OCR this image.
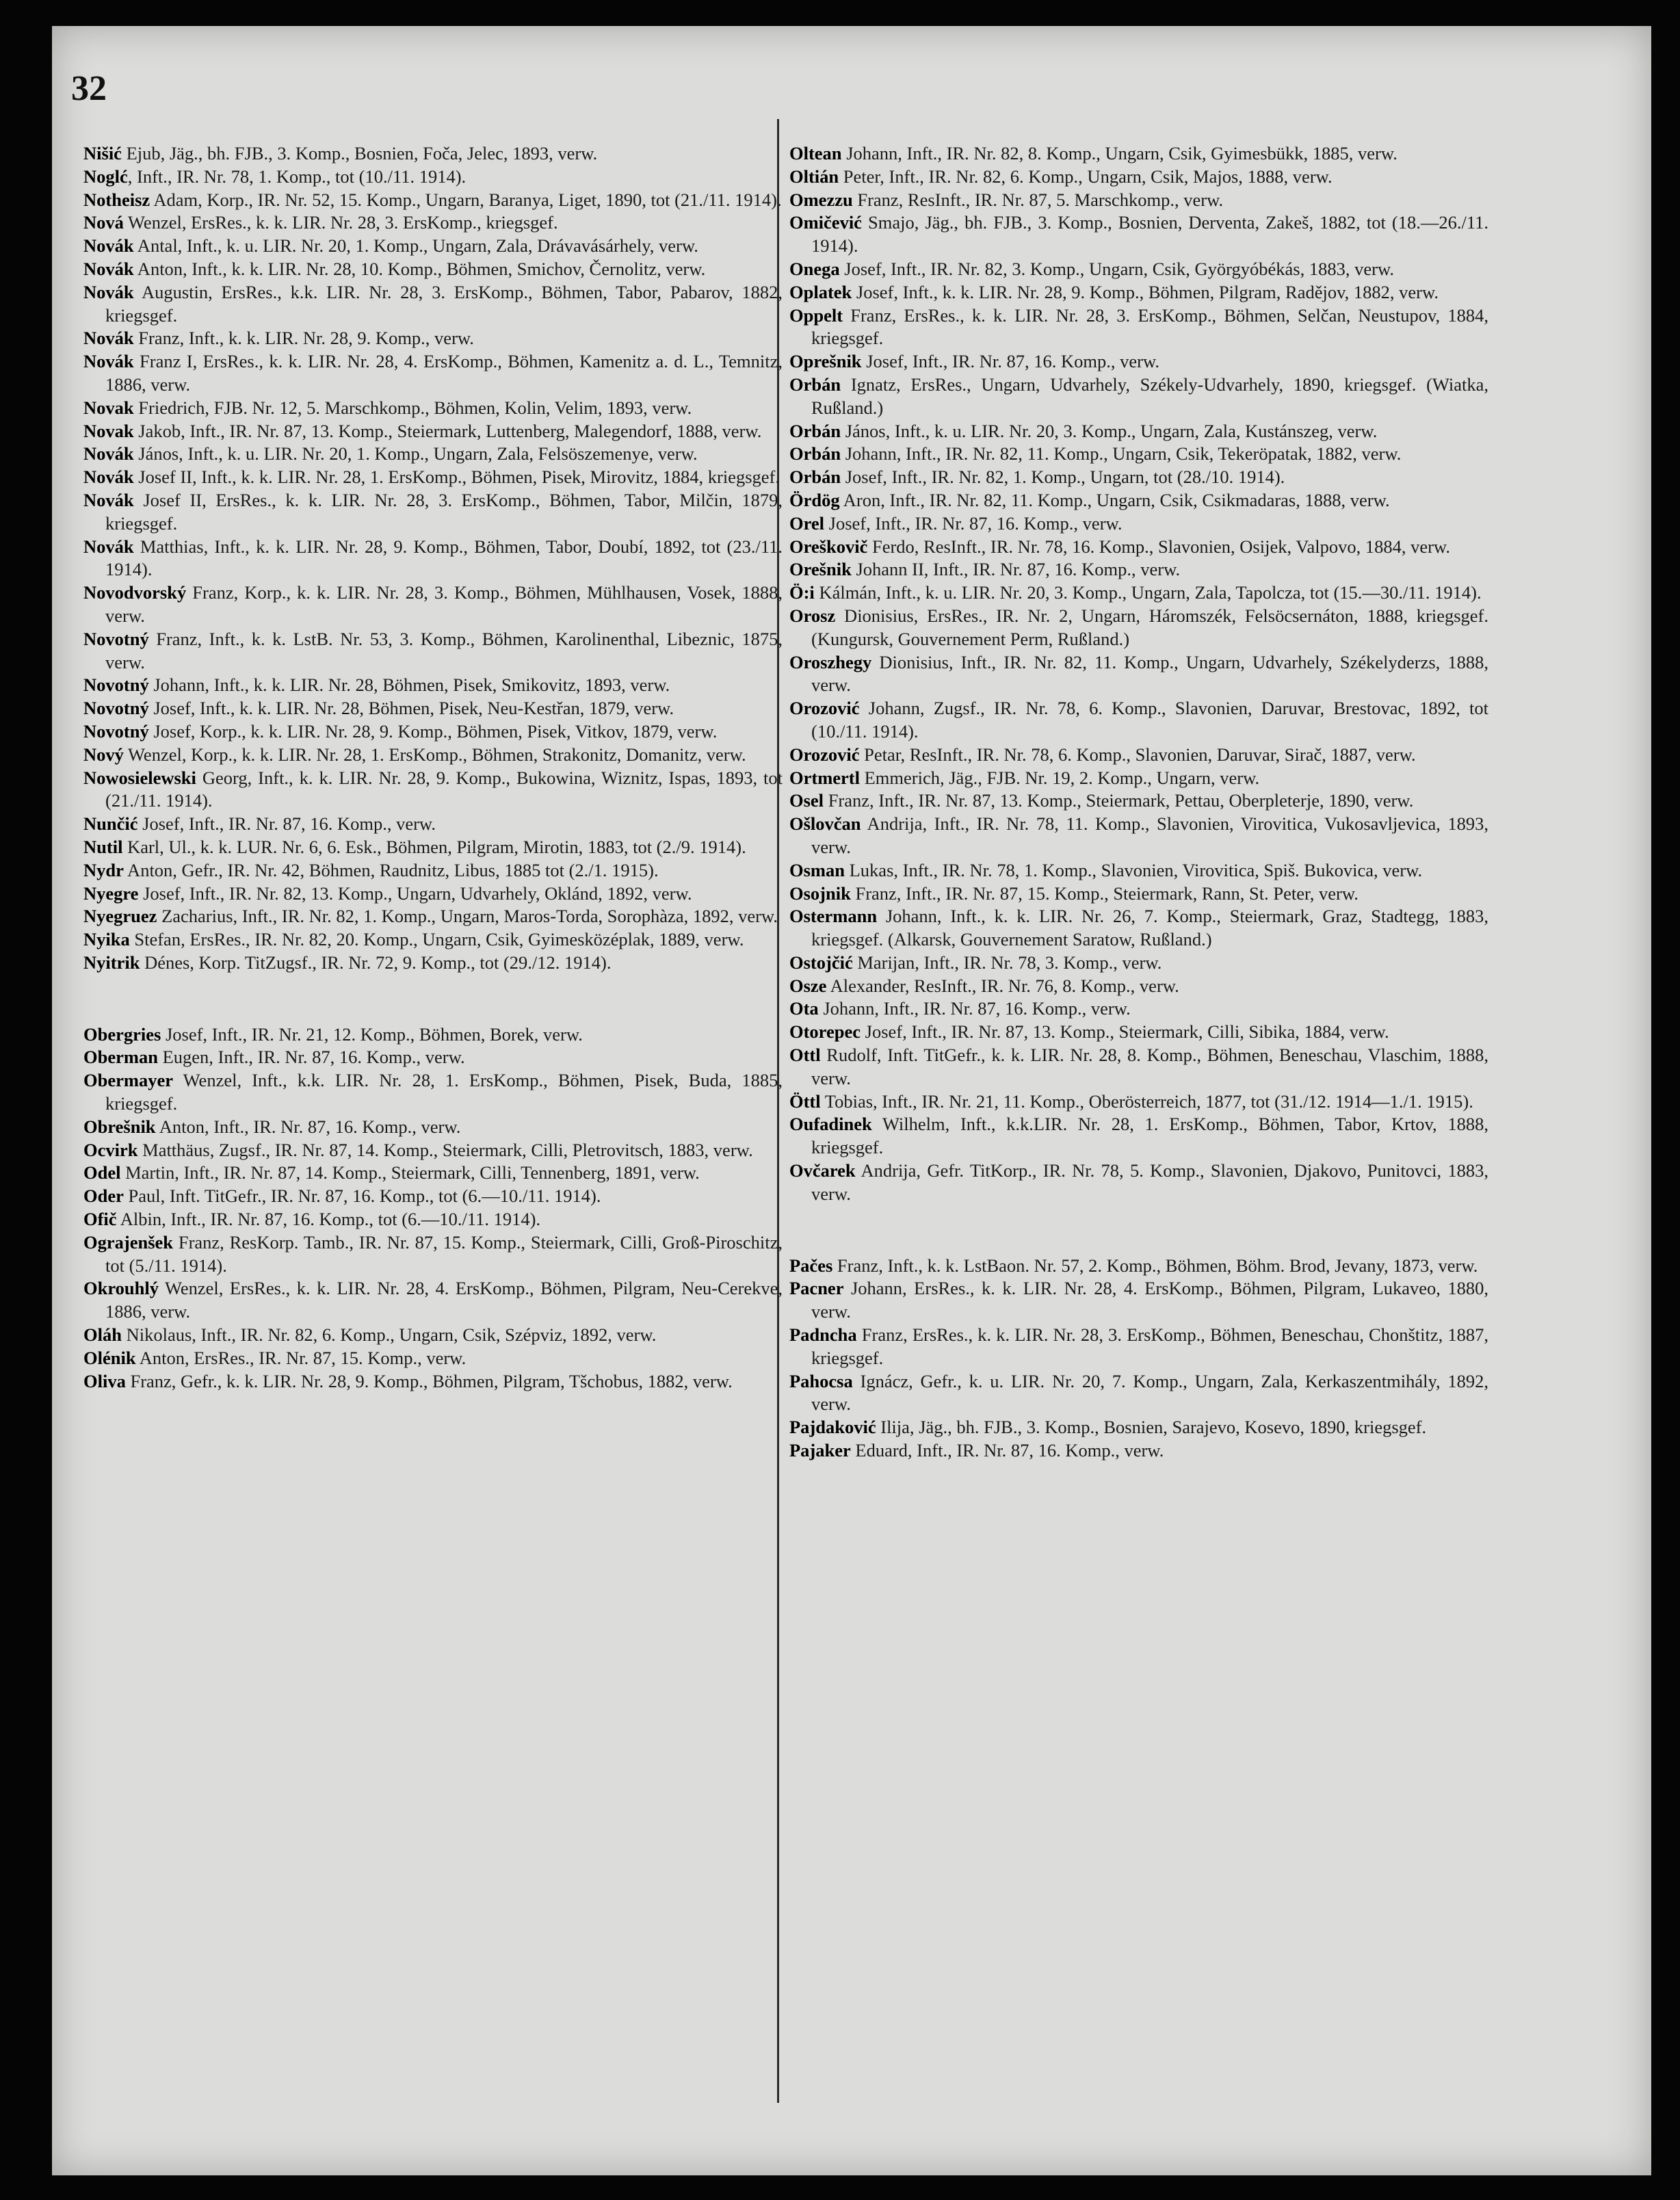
32

Nišić Ejub, Jäg., bh. FJB., 3. Komp., Bosnien, Foča, Jelec, 1893, verw.

Noglć, Inft., IR. Nr. 78, 1. Komp., tot (10./11. 1914).

Notheisz Adam, Korp., IR. Nr. 52, 15. Komp., Ungarn, Baranya, Liget, 1890, tot (21./11. 1914).

Nová Wenzel, ErsRes., k. k. LIR. Nr. 28, 3. ErsKomp., kriegsgef.

Novák Antal, Inft., k. u. LIR. Nr. 20, 1. Komp., Ungarn, Zala, Drávavásárhely, verw.

Novák Anton, Inft., k. k. LIR. Nr. 28, 10. Komp., Böhmen, Smichov, Černolitz, verw.

Novák Augustin, ErsRes., k.k. LIR. Nr. 28, 3. ErsKomp., Böhmen, Tabor, Pabarov, 1882, kriegsgef.

Novák Franz, Inft., k. k. LIR. Nr. 28, 9. Komp., verw.

Novák Franz I, ErsRes., k. k. LIR. Nr. 28, 4. ErsKomp., Böhmen, Kamenitz a. d. L., Temnitz, 1886, verw.

Novak Friedrich, FJB. Nr. 12, 5. Marschkomp., Böhmen, Kolin, Velim, 1893, verw.

Novak Jakob, Inft., IR. Nr. 87, 13. Komp., Steiermark, Luttenberg, Malegendorf, 1888, verw.

Novák János, Inft., k. u. LIR. Nr. 20, 1. Komp., Ungarn, Zala, Felsöszemenye, verw.

Novák Josef II, Inft., k. k. LIR. Nr. 28, 1. ErsKomp., Böhmen, Pisek, Mirovitz, 1884, kriegsgef.

Novák Josef II, ErsRes., k. k. LIR. Nr. 28, 3. ErsKomp., Böhmen, Tabor, Milčin, 1879, kriegsgef.

Novák Matthias, Inft., k. k. LIR. Nr. 28, 9. Komp., Böhmen, Tabor, Doubí, 1892, tot (23./11. 1914).

Novodvorský Franz, Korp., k. k. LIR. Nr. 28, 3. Komp., Böhmen, Mühlhausen, Vosek, 1888, verw.

Novotný Franz, Inft., k. k. LstB. Nr. 53, 3. Komp., Böhmen, Karolinenthal, Libeznic, 1875, verw.

Novotný Johann, Inft., k. k. LIR. Nr. 28, Böhmen, Pisek, Smikovitz, 1893, verw.

Novotný Josef, Inft., k. k. LIR. Nr. 28, Böhmen, Pisek, Neu-Kestřan, 1879, verw.

Novotný Josef, Korp., k. k. LIR. Nr. 28, 9. Komp., Böhmen, Pisek, Vitkov, 1879, verw.

Nový Wenzel, Korp., k. k. LIR. Nr. 28, 1. ErsKomp., Böhmen, Strakonitz, Domanitz, verw.

Nowosielewski Georg, Inft., k. k. LIR. Nr. 28, 9. Komp., Bukowina, Wiznitz, Ispas, 1893, tot (21./11. 1914).

Nunčić Josef, Inft., IR. Nr. 87, 16. Komp., verw.

Nutil Karl, Ul., k. k. LUR. Nr. 6, 6. Esk., Böhmen, Pilgram, Mirotin, 1883, tot (2./9. 1914).

Nydr Anton, Gefr., IR. Nr. 42, Böhmen, Raudnitz, Libus, 1885 tot (2./1. 1915).

Nyegre Josef, Inft., IR. Nr. 82, 13. Komp., Ungarn, Udvarhely, Oklánd, 1892, verw.

Nyegruez Zacharius, Inft., IR. Nr. 82, 1. Komp., Ungarn, Maros-Torda, Sorophàza, 1892, verw.

Nyika Stefan, ErsRes., IR. Nr. 82, 20. Komp., Ungarn, Csik, Gyimesközéplak, 1889, verw.

Nyitrik Dénes, Korp. TitZugsf., IR. Nr. 72, 9. Komp., tot (29./12. 1914).

Obergries Josef, Inft., IR. Nr. 21, 12. Komp., Böhmen, Borek, verw.

Oberman Eugen, Inft., IR. Nr. 87, 16. Komp., verw.

Obermayer Wenzel, Inft., k.k. LIR. Nr. 28, 1. ErsKomp., Böhmen, Pisek, Buda, 1885, kriegsgef.

Obrešnik Anton, Inft., IR. Nr. 87, 16. Komp., verw.

Ocvirk Matthäus, Zugsf., IR. Nr. 87, 14. Komp., Steiermark, Cilli, Pletrovitsch, 1883, verw.

Odel Martin, Inft., IR. Nr. 87, 14. Komp., Steiermark, Cilli, Tennenberg, 1891, verw.

Oder Paul, Inft. TitGefr., IR. Nr. 87, 16. Komp., tot (6.—10./11. 1914).

Ofič Albin, Inft., IR. Nr. 87, 16. Komp., tot (6.—10./11. 1914).

Ograjenšek Franz, ResKorp. Tamb., IR. Nr. 87, 15. Komp., Steiermark, Cilli, Groß-Piroschitz, tot (5./11. 1914).

Okrouhlý Wenzel, ErsRes., k. k. LIR. Nr. 28, 4. ErsKomp., Böhmen, Pilgram, Neu-Cerekve, 1886, verw.

Oláh Nikolaus, Inft., IR. Nr. 82, 6. Komp., Ungarn, Csik, Szépviz, 1892, verw.

Olénik Anton, ErsRes., IR. Nr. 87, 15. Komp., verw.

Oliva Franz, Gefr., k. k. LIR. Nr. 28, 9. Komp., Böhmen, Pilgram, Tšchobus, 1882, verw.

Oltean Johann, Inft., IR. Nr. 82, 8. Komp., Ungarn, Csik, Gyimesbükk, 1885, verw.

Oltián Peter, Inft., IR. Nr. 82, 6. Komp., Ungarn, Csik, Majos, 1888, verw.

Omezzu Franz, ResInft., IR. Nr. 87, 5. Marschkomp., verw.

Omičević Smajo, Jäg., bh. FJB., 3. Komp., Bosnien, Derventa, Zakeš, 1882, tot (18.—26./11. 1914).

Onega Josef, Inft., IR. Nr. 82, 3. Komp., Ungarn, Csik, Györgyóbékás, 1883, verw.

Oplatek Josef, Inft., k. k. LIR. Nr. 28, 9. Komp., Böhmen, Pilgram, Radějov, 1882, verw.

Oppelt Franz, ErsRes., k. k. LIR. Nr. 28, 3. ErsKomp., Böhmen, Selčan, Neustupov, 1884, kriegsgef.

Oprešnik Josef, Inft., IR. Nr. 87, 16. Komp., verw.

Orbán Ignatz, ErsRes., Ungarn, Udvarhely, Székely-Udvarhely, 1890, kriegsgef. (Wiatka, Rußland.)

Orbán János, Inft., k. u. LIR. Nr. 20, 3. Komp., Ungarn, Zala, Kustánszeg, verw.

Orbán Johann, Inft., IR. Nr. 82, 11. Komp., Ungarn, Csik, Tekeröpatak, 1882, verw.

Orbán Josef, Inft., IR. Nr. 82, 1. Komp., Ungarn, tot (28./10. 1914).

Ördög Aron, Inft., IR. Nr. 82, 11. Komp., Ungarn, Csik, Csikmadaras, 1888, verw.

Orel Josef, Inft., IR. Nr. 87, 16. Komp., verw.

Oreškovič Ferdo, ResInft., IR. Nr. 78, 16. Komp., Slavonien, Osijek, Valpovo, 1884, verw.

Orešnik Johann II, Inft., IR. Nr. 87, 16. Komp., verw.

Ö:i Kálmán, Inft., k. u. LIR. Nr. 20, 3. Komp., Ungarn, Zala, Tapolcza, tot (15.—30./11. 1914).

Orosz Dionisius, ErsRes., IR. Nr. 2, Ungarn, Háromszék, Felsöcsernáton, 1888, kriegsgef. (Kungursk, Gouvernement Perm, Rußland.)

Oroszhegy Dionisius, Inft., IR. Nr. 82, 11. Komp., Ungarn, Udvarhely, Székelyderzs, 1888, verw.

Orozović Johann, Zugsf., IR. Nr. 78, 6. Komp., Slavonien, Daruvar, Brestovac, 1892, tot (10./11. 1914).

Orozović Petar, ResInft., IR. Nr. 78, 6. Komp., Slavonien, Daruvar, Sirač, 1887, verw.

Ortmertl Emmerich, Jäg., FJB. Nr. 19, 2. Komp., Ungarn, verw.

Osel Franz, Inft., IR. Nr. 87, 13. Komp., Steiermark, Pettau, Oberpleterje, 1890, verw.

Ošlovčan Andrija, Inft., IR. Nr. 78, 11. Komp., Slavonien, Virovitica, Vukosavljevica, 1893, verw.

Osman Lukas, Inft., IR. Nr. 78, 1. Komp., Slavonien, Virovitica, Spiš. Bukovica, verw.

Osojnik Franz, Inft., IR. Nr. 87, 15. Komp., Steiermark, Rann, St. Peter, verw.

Ostermann Johann, Inft., k. k. LIR. Nr. 26, 7. Komp., Steiermark, Graz, Stadtegg, 1883, kriegsgef. (Alkarsk, Gouvernement Saratow, Rußland.)

Ostojčić Marijan, Inft., IR. Nr. 78, 3. Komp., verw.

Osze Alexander, ResInft., IR. Nr. 76, 8. Komp., verw.

Ota Johann, Inft., IR. Nr. 87, 16. Komp., verw.

Otorepec Josef, Inft., IR. Nr. 87, 13. Komp., Steiermark, Cilli, Sibika, 1884, verw.

Ottl Rudolf, Inft. TitGefr., k. k. LIR. Nr. 28, 8. Komp., Böhmen, Beneschau, Vlaschim, 1888, verw.

Öttl Tobias, Inft., IR. Nr. 21, 11. Komp., Oberösterreich, 1877, tot (31./12. 1914—1./1. 1915).

Oufadinek Wilhelm, Inft., k.k.LIR. Nr. 28, 1. ErsKomp., Böhmen, Tabor, Krtov, 1888, kriegsgef.

Ovčarek Andrija, Gefr. TitKorp., IR. Nr. 78, 5. Komp., Slavonien, Djakovo, Punitovci, 1883, verw.

Pačes Franz, Inft., k. k. LstBaon. Nr. 57, 2. Komp., Böhmen, Böhm. Brod, Jevany, 1873, verw.

Pacner Johann, ErsRes., k. k. LIR. Nr. 28, 4. ErsKomp., Böhmen, Pilgram, Lukaveo, 1880, verw.

Padncha Franz, ErsRes., k. k. LIR. Nr. 28, 3. ErsKomp., Böhmen, Beneschau, Chonštitz, 1887, kriegsgef.

Pahocsa Ignácz, Gefr., k. u. LIR. Nr. 20, 7. Komp., Ungarn, Zala, Kerkaszentmihály, 1892, verw.

Pajdaković Ilija, Jäg., bh. FJB., 3. Komp., Bosnien, Sarajevo, Kosevo, 1890, kriegsgef.

Pajaker Eduard, Inft., IR. Nr. 87, 16. Komp., verw.
